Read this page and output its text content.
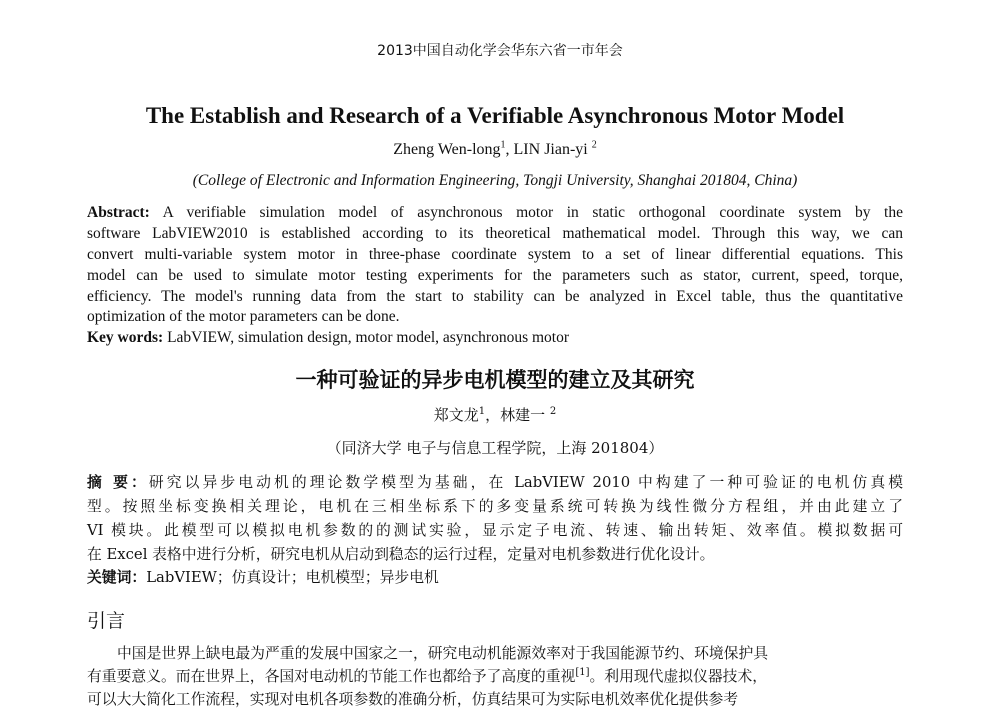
2013中国自动化学会华东六省一市年会
The Establish and Research of a Verifiable Asynchronous Motor Model
Zheng Wen-long$^1$, LIN Jian-yi $^2$
(College of Electronic and Information Engineering, Tongji University, Shanghai 201804, China)
Abstract: A verifiable simulation model of asynchronous motor in static orthogonal coordinate system by the
software LabVIEW2010 is established according to its theoretical mathematical model. Through this way, we can
convert multi-variable system motor in three-phase coordinate system to a set of linear differential equations. This
model can be used to simulate motor testing experiments for the parameters such as stator, current, speed, torque,
efficiency. The model's running data from the start to stability can be analyzed in Excel table, thus the quantitative
optimization of the motor parameters can be done.
Key words: LabVIEW, simulation design, motor model, asynchronous motor
一种可验证的异步电机模型的建立及其研究
郑文龙$^1$，林建一 $^2$
（同济大学 电子与信息工程学院，上海 201804）
摘 要：研究以异步电动机的理论数学模型为基础，在 LabVIEW 2010 中构建了一种可验证的电机仿真模
型。按照坐标变换相关理论，电机在三相坐标系下的多变量系统可转换为线性微分方程组，并由此建立了
VI 模块。此模型可以模拟电机参数的的测试实验，显示定子电流、转速、输出转矩、效率值。模拟数据可
在 Excel 表格中进行分析，研究电机从启动到稳态的运行过程，定量对电机参数进行优化设计。
关键词：LabVIEW；仿真设计；电机模型；异步电机
引言
中国是世界上缺电最为严重的发展中国家之一，研究电动机能源效率对于我国能源节约、环境保护具
有重要意义。而在世界上，各国对电动机的节能工作也都给予了高度的重视[1]。利用现代虚拟仪器技术，
可以大大简化工作流程，实现对电机各项参数的准确分析，仿真结果可为实际电机效率优化提供参考
